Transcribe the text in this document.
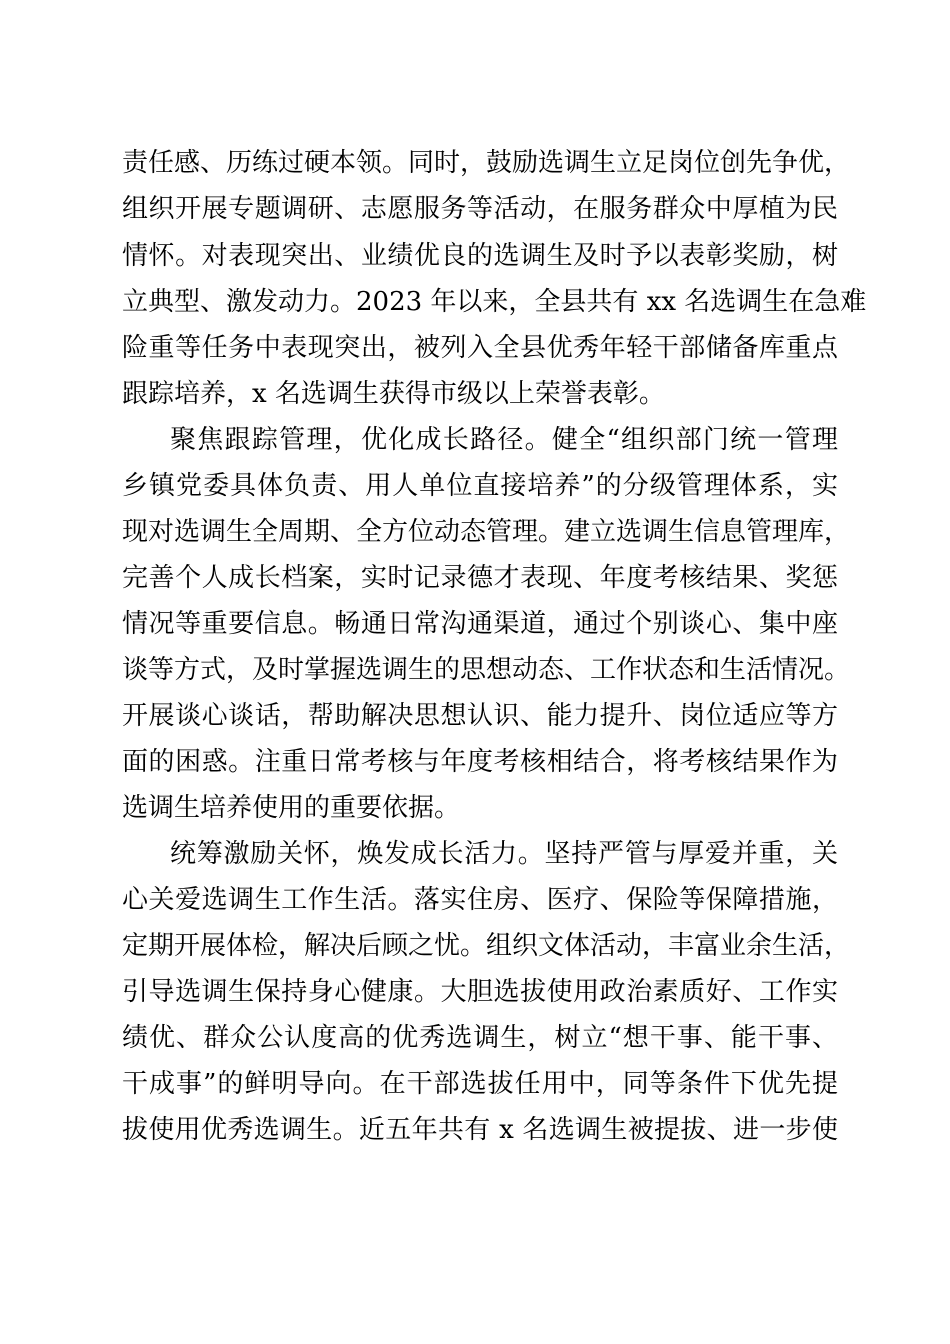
责任感、历练过硬本领。同时，鼓励选调生立足岗位创先争优，
组织开展专题调研、志愿服务等活动，在服务群众中厚植为民
情怀。对表现突出、业绩优良的选调生及时予以表彰奖励，树
立典型、激发动力。2023 年以来，全县共有 xx 名选调生在急难
险重等任务中表现突出，被列入全县优秀年轻干部储备库重点
跟踪培养，x 名选调生获得市级以上荣誉表彰。
聚焦跟踪管理，优化成长路径。健全“组织部门统一管理
乡镇党委具体负责、用人单位直接培养”的分级管理体系，实
现对选调生全周期、全方位动态管理。建立选调生信息管理库，
完善个人成长档案，实时记录德才表现、年度考核结果、奖惩
情况等重要信息。畅通日常沟通渠道，通过个别谈心、集中座
谈等方式，及时掌握选调生的思想动态、工作状态和生活情况。
开展谈心谈话，帮助解决思想认识、能力提升、岗位适应等方
面的困惑。注重日常考核与年度考核相结合，将考核结果作为
选调生培养使用的重要依据。
统筹激励关怀，焕发成长活力。坚持严管与厚爱并重，关
心关爱选调生工作生活。落实住房、医疗、保险等保障措施，
定期开展体检，解决后顾之忧。组织文体活动，丰富业余生活，
引导选调生保持身心健康。大胆选拔使用政治素质好、工作实
绩优、群众公认度高的优秀选调生，树立“想干事、能干事、
干成事”的鲜明导向。在干部选拔任用中，同等条件下优先提
拔使用优秀选调生。近五年共有 x 名选调生被提拔、进一步使
